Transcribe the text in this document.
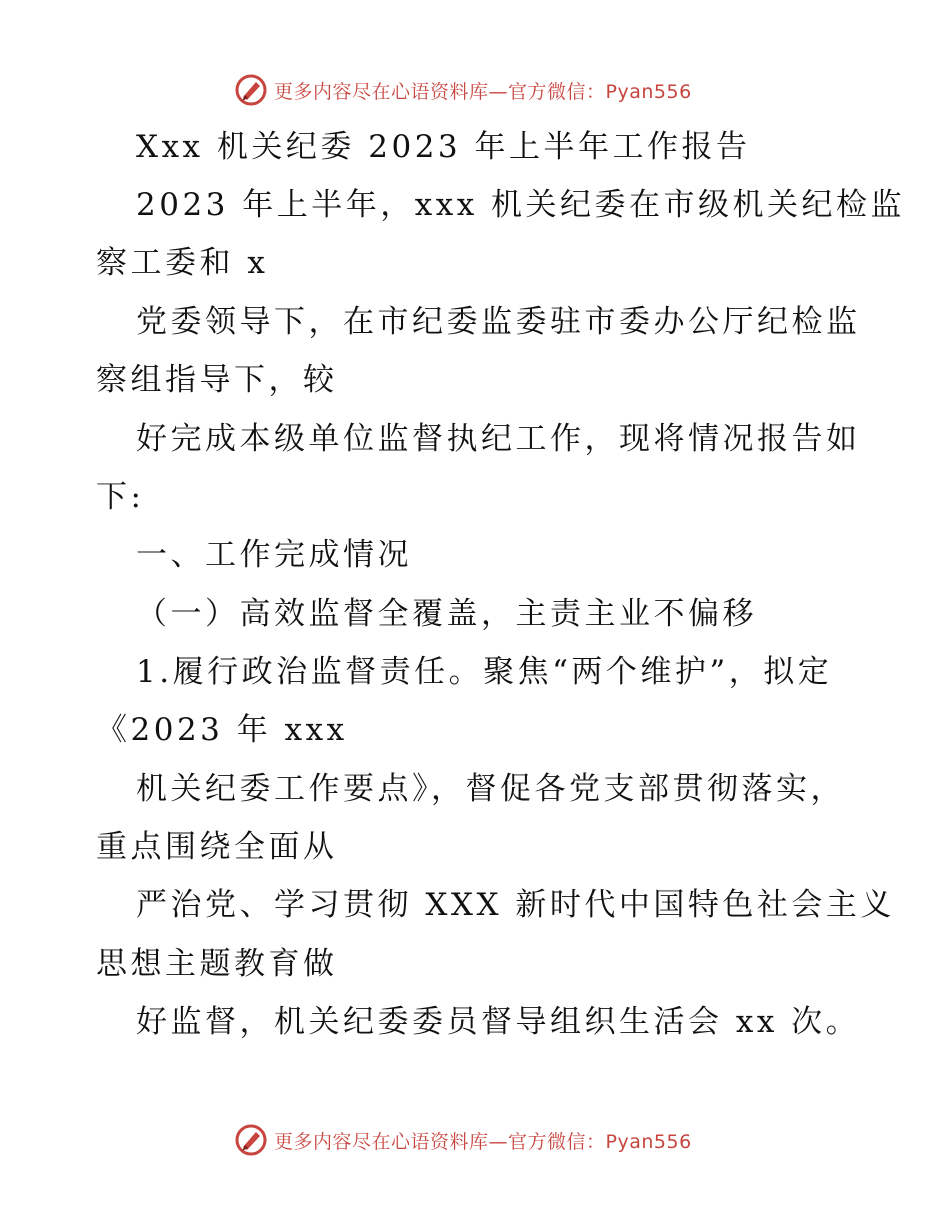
更多内容尽在心语资料库—官方微信：Pyan556
Xxx 机关纪委 2023 年上半年工作报告
2023 年上半年，xxx 机关纪委在市级机关纪检监
察工委和 x
党委领导下，在市纪委监委驻市委办公厅纪检监
察组指导下，较
好完成本级单位监督执纪工作，现将情况报告如
下:
一、工作完成情况
（一）高效监督全覆盖，主责主业不偏移
1.履行政治监督责任。聚焦“两个维护”，拟定
《2023 年 xxx
机关纪委工作要点》，督促各党支部贯彻落实，
重点围绕全面从
严治党、学习贯彻 XXX 新时代中国特色社会主义
思想主题教育做
好监督，机关纪委委员督导组织生活会 xx 次。
更多内容尽在心语资料库—官方微信：Pyan556
